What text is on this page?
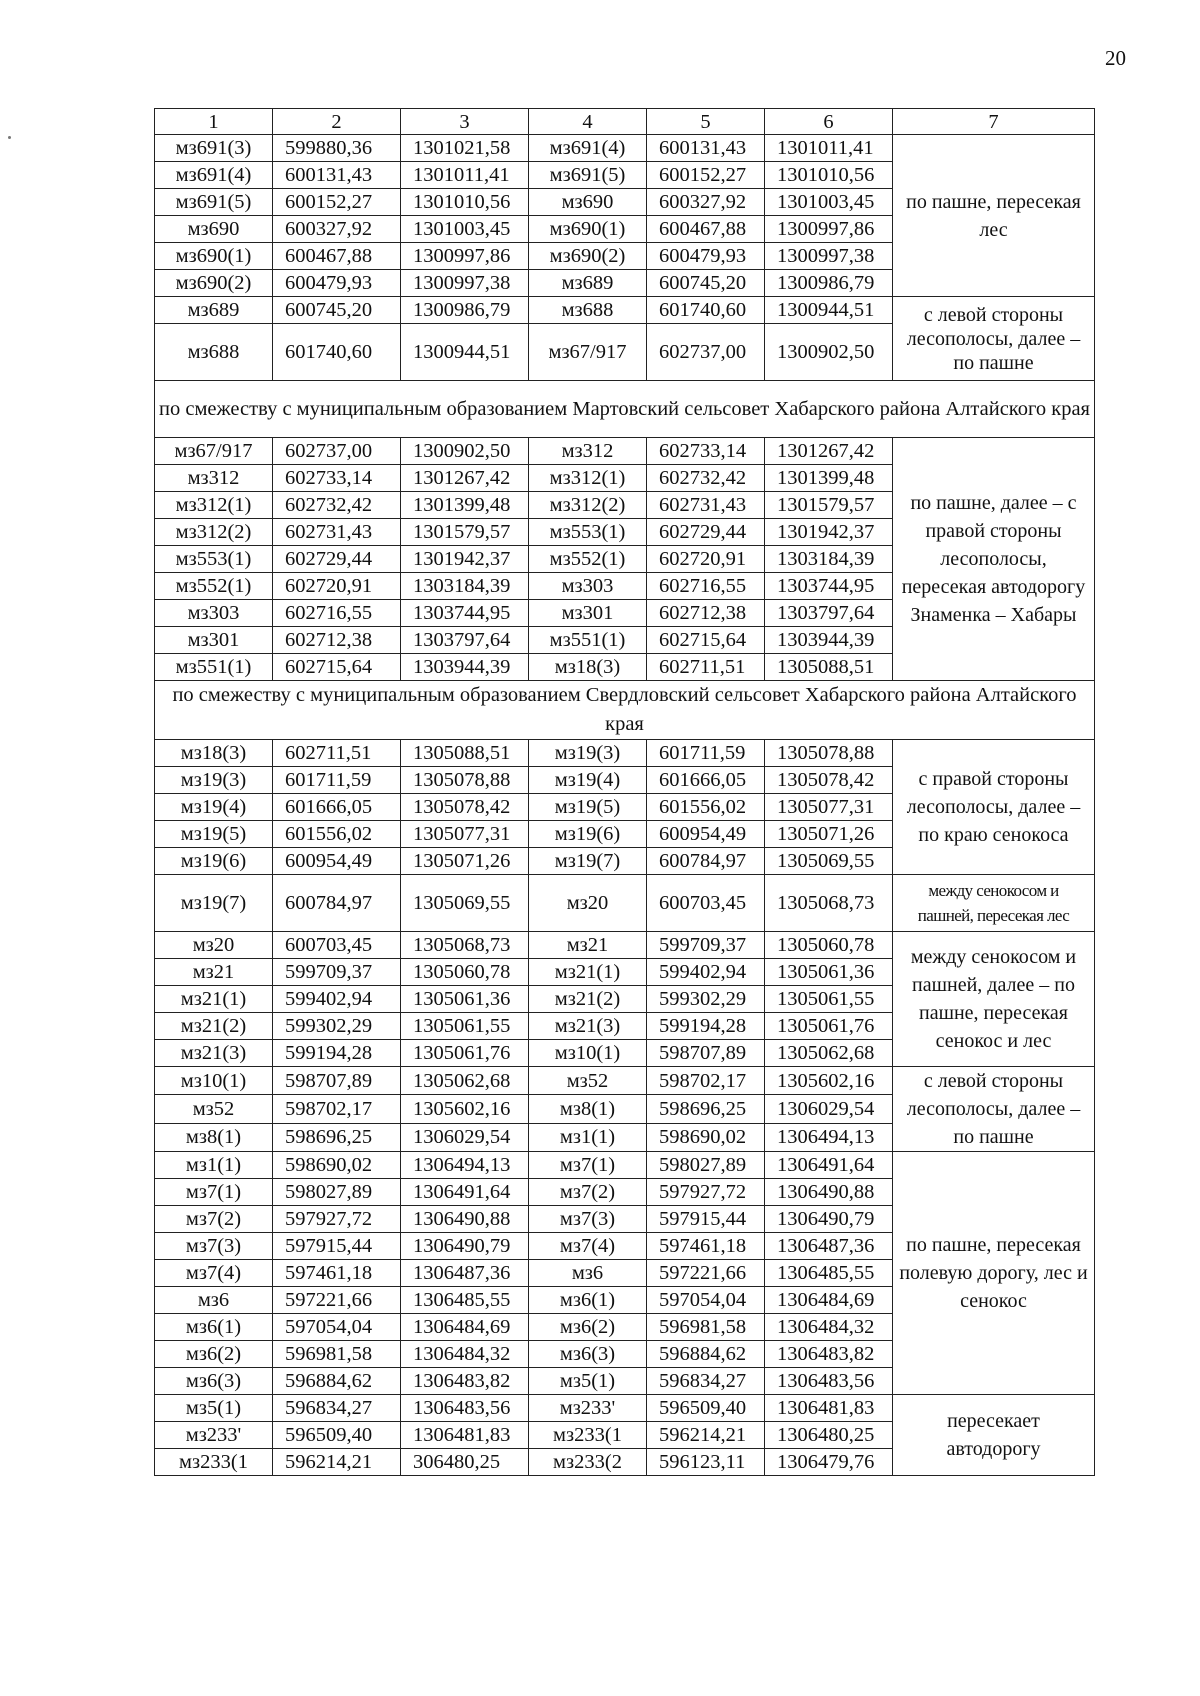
20
1	2	3	4	5	6	7
мз691(3)	599880,36	1301021,58	мз691(4)	600131,43	1301011,41	по пашне, пересекая лес
мз691(4)	600131,43	1301011,41	мз691(5)	600152,27	1301010,56	
мз691(5)	600152,27	1301010,56	мз690	600327,92	1301003,45	
мз690	600327,92	1301003,45	мз690(1)	600467,88	1300997,86	
мз690(1)	600467,88	1300997,86	мз690(2)	600479,93	1300997,38	
мз690(2)	600479,93	1300997,38	мз689	600745,20	1300986,79	
мз689	600745,20	1300986,79	мз688	601740,60	1300944,51	с левой стороны лесополосы, далее – по пашне
мз688	601740,60	1300944,51	мз67/917	602737,00	1300902,50	
по смежеству с муниципальным образованием Мартовский сельсовет Хабарского района Алтайского края						
мз67/917	602737,00	1300902,50	мз312	602733,14	1301267,42	по пашне, далее – с правой стороны лесополосы, пересекая автодорогу Знаменка – Хабары
мз312	602733,14	1301267,42	мз312(1)	602732,42	1301399,48	
мз312(1)	602732,42	1301399,48	мз312(2)	602731,43	1301579,57	
мз312(2)	602731,43	1301579,57	мз553(1)	602729,44	1301942,37	
мз553(1)	602729,44	1301942,37	мз552(1)	602720,91	1303184,39	
мз552(1)	602720,91	1303184,39	мз303	602716,55	1303744,95	
мз303	602716,55	1303744,95	мз301	602712,38	1303797,64	
мз301	602712,38	1303797,64	мз551(1)	602715,64	1303944,39	
мз551(1)	602715,64	1303944,39	мз18(3)	602711,51	1305088,51	
по смежеству с муниципальным образованием Свердловский сельсовет Хабарского района Алтайского края						
мз18(3)	602711,51	1305088,51	мз19(3)	601711,59	1305078,88	с правой стороны лесополосы, далее – по краю сенокоса
мз19(3)	601711,59	1305078,88	мз19(4)	601666,05	1305078,42	
мз19(4)	601666,05	1305078,42	мз19(5)	601556,02	1305077,31	
мз19(5)	601556,02	1305077,31	мз19(6)	600954,49	1305071,26	
мз19(6)	600954,49	1305071,26	мз19(7)	600784,97	1305069,55	
мз19(7)	600784,97	1305069,55	мз20	600703,45	1305068,73	между сенокосом и пашней, пересекая лес
мз20	600703,45	1305068,73	мз21	599709,37	1305060,78	между сенокосом и пашней, далее – по пашне, пересекая сенокос и лес
мз21	599709,37	1305060,78	мз21(1)	599402,94	1305061,36	
мз21(1)	599402,94	1305061,36	мз21(2)	599302,29	1305061,55	
мз21(2)	599302,29	1305061,55	мз21(3)	599194,28	1305061,76	
мз21(3)	599194,28	1305061,76	мз10(1)	598707,89	1305062,68	
мз10(1)	598707,89	1305062,68	мз52	598702,17	1305602,16	с левой стороны лесополосы, далее – по пашне
мз52	598702,17	1305602,16	мз8(1)	598696,25	1306029,54	
мз8(1)	598696,25	1306029,54	мз1(1)	598690,02	1306494,13	
мз1(1)	598690,02	1306494,13	мз7(1)	598027,89	1306491,64	по пашне, пересекая полевую дорогу, лес и сенокос
мз7(1)	598027,89	1306491,64	мз7(2)	597927,72	1306490,88	
мз7(2)	597927,72	1306490,88	мз7(3)	597915,44	1306490,79	
мз7(3)	597915,44	1306490,79	мз7(4)	597461,18	1306487,36	
мз7(4)	597461,18	1306487,36	мз6	597221,66	1306485,55	
мз6	597221,66	1306485,55	мз6(1)	597054,04	1306484,69	
мз6(1)	597054,04	1306484,69	мз6(2)	596981,58	1306484,32	
мз6(2)	596981,58	1306484,32	мз6(3)	596884,62	1306483,82	
мз6(3)	596884,62	1306483,82	мз5(1)	596834,27	1306483,56	
мз5(1)	596834,27	1306483,56	мз233'	596509,40	1306481,83	пересекает автодорогу
мз233'	596509,40	1306481,83	мз233(1	596214,21	1306480,25	
мз233(1	596214,21	306480,25	мз233(2	596123,11	1306479,76	
